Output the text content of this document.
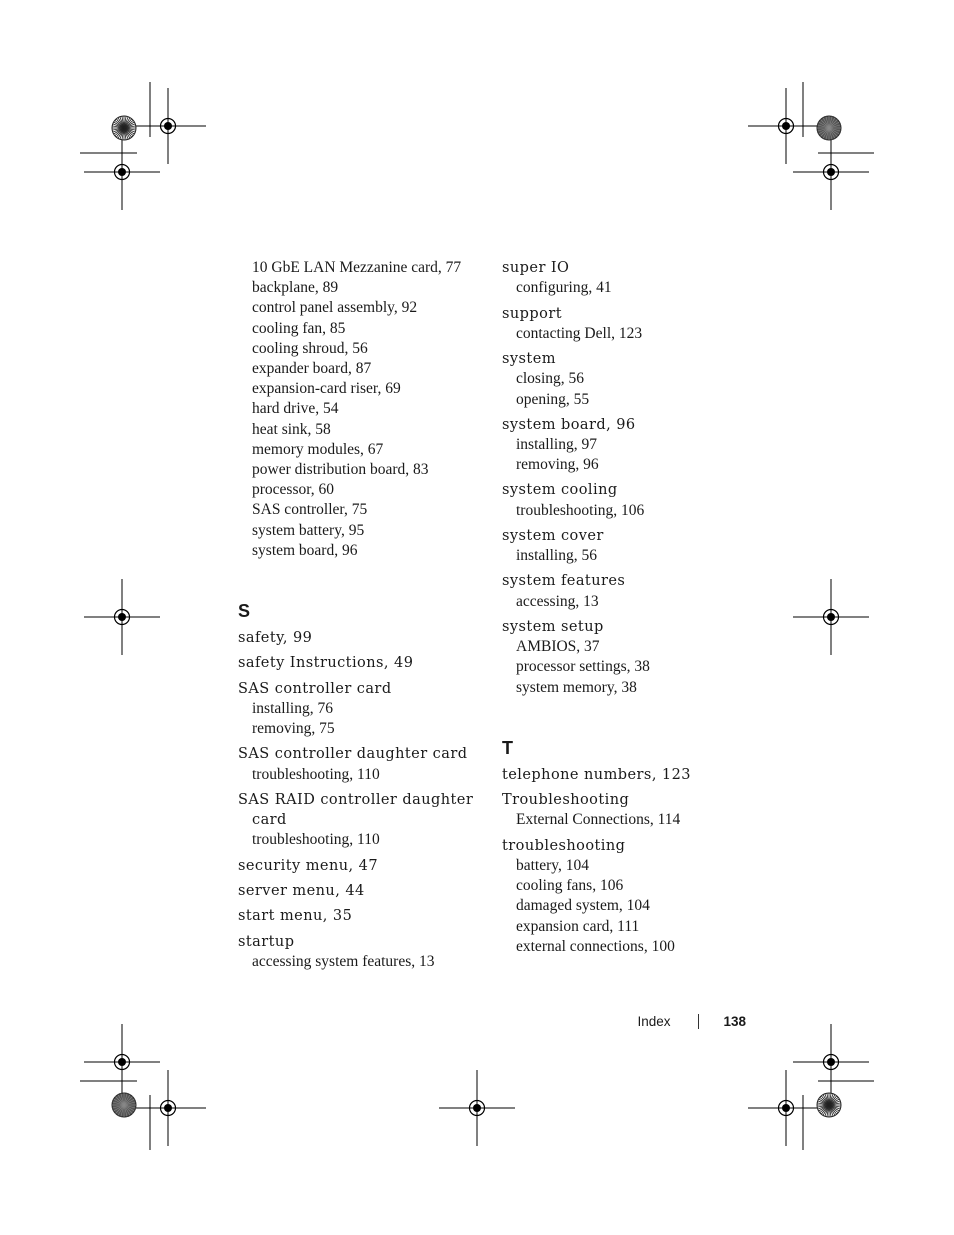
10 GbE LAN Mezzanine card, 77
backplane, 89
control panel assembly, 92
cooling fan, 85
cooling shroud, 56
expander board, 87
expansion-card riser, 69
hard drive, 54
heat sink, 58
memory modules, 67
power distribution board, 83
processor, 60
SAS controller, 75
system battery, 95
system board, 96
S
safety, 99
safety Instructions, 49
SAS controller card
installing, 76
removing, 75
SAS controller daughter card
troubleshooting, 110
SAS RAID controller daughter card
troubleshooting, 110
security menu, 47
server menu, 44
start menu, 35
startup
accessing system features, 13
super IO
configuring, 41
support
contacting Dell, 123
system
closing, 56
opening, 55
system board, 96
installing, 97
removing, 96
system cooling
troubleshooting, 106
system cover
installing, 56
system features
accessing, 13
system setup
AMBIOS, 37
processor settings, 38
system memory, 38
T
telephone numbers, 123
Troubleshooting
External Connections, 114
troubleshooting
battery, 104
cooling fans, 106
damaged system, 104
expansion card, 111
external connections, 100
Index	138
